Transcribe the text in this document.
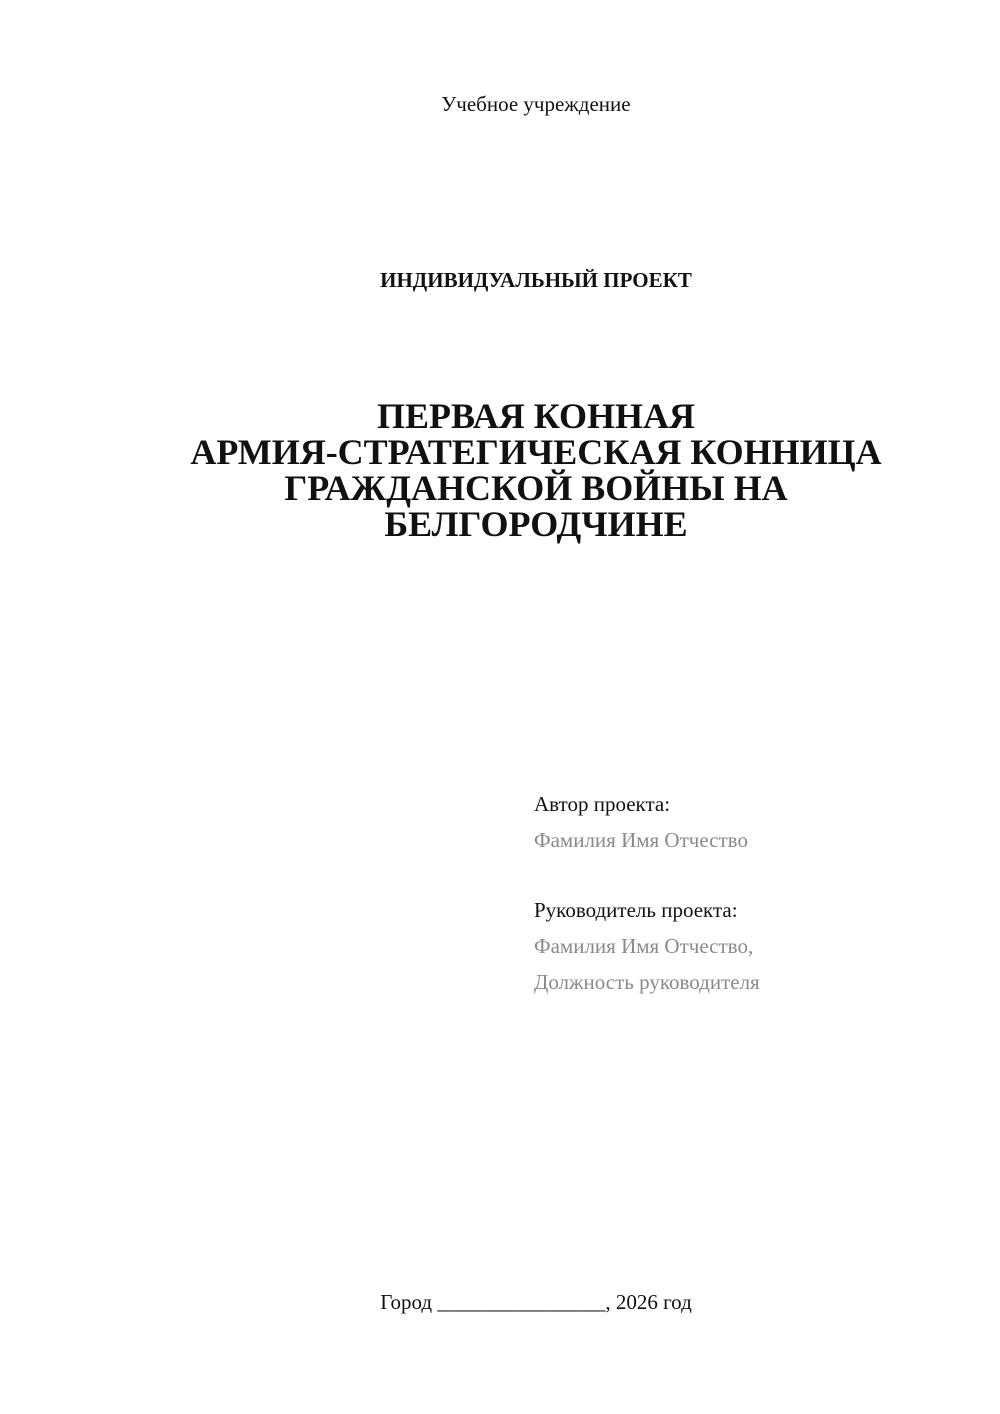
Учебное учреждение
ИНДИВИДУАЛЬНЫЙ ПРОЕКТ
ПЕРВАЯ КОННАЯ
АРМИЯ-СТРАТЕГИЧЕСКАЯ КОННИЦА
ГРАЖДАНСКОЙ ВОЙНЫ НА
БЕЛГОРОДЧИНЕ
Автор проекта:
Фамилия Имя Отчество
Руководитель проекта:
Фамилия Имя Отчество,
Должность руководителя
Город ________________, 2026 год
